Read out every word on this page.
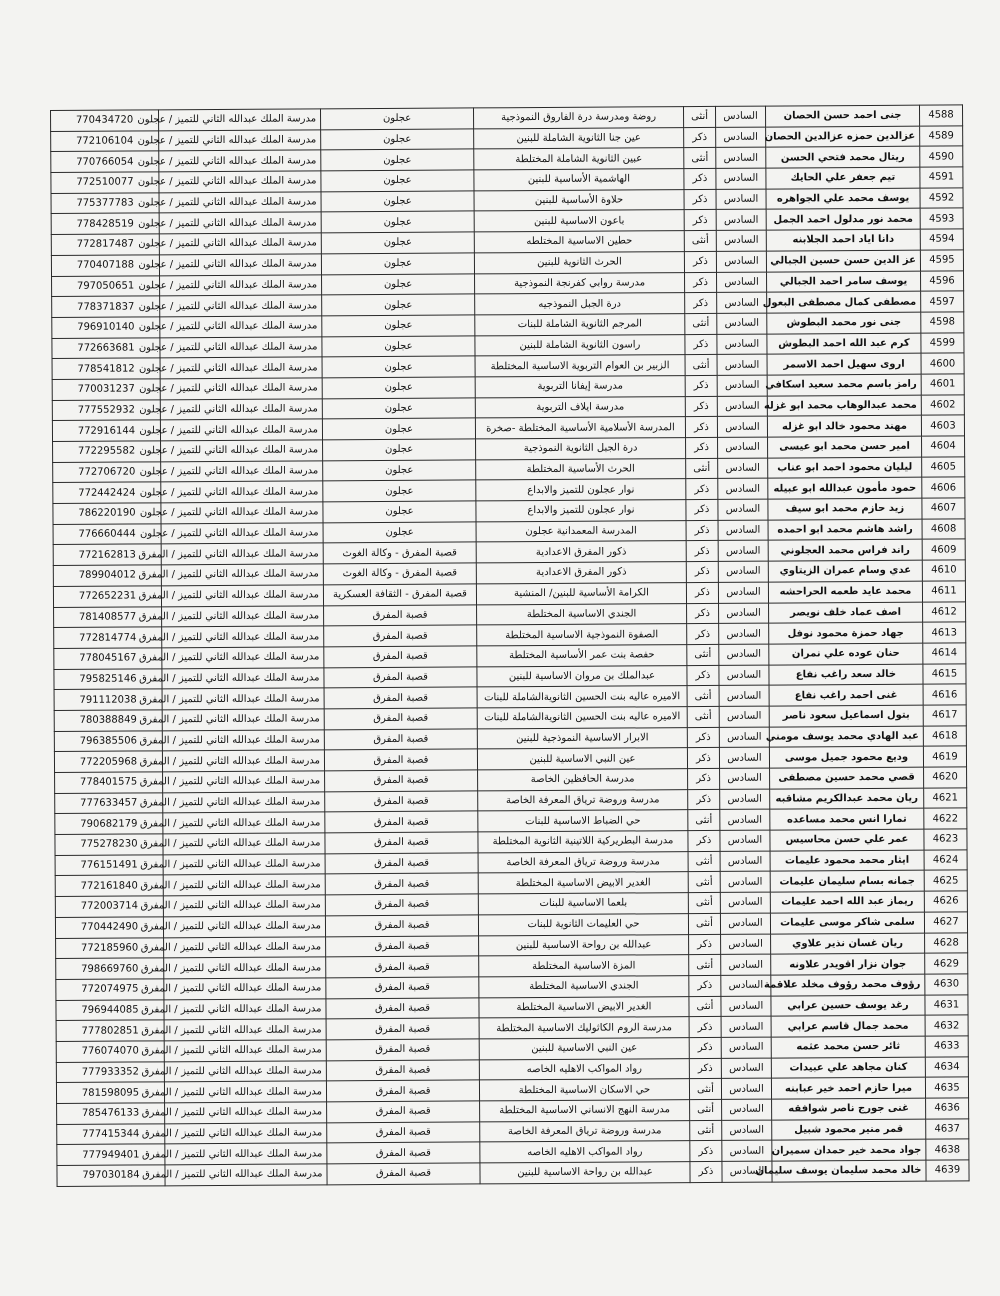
770434720	مدرسة الملك عبدالله الثاني للتميز / عجلون	عجلون	روضة ومدرسة درة الفاروق النموذجية	أنثى	السادس	جنى احمد حسن الحصان	4588
772106104	مدرسة الملك عبدالله الثاني للتميز / عجلون	عجلون	عين جنا الثانوية الشاملة للبنين	ذكر	السادس	عزالدين حمزه عزالدين الحصان	4589
770766054	مدرسة الملك عبدالله الثاني للتميز / عجلون	عجلون	عبين الثانوية الشاملة المختلطة	أنثى	السادس	ريتال محمد فتحي الحسن	4590
772510077	مدرسة الملك عبدالله الثاني للتميز / عجلون	عجلون	الهاشمية الأساسية للبنين	ذكر	السادس	تيم جعفر علي الحايك	4591
775377783	مدرسة الملك عبدالله الثاني للتميز / عجلون	عجلون	حلاوة الأساسية للبنين	ذكر	السادس	يوسف محمد علي الجواهره	4592
778428519	مدرسة الملك عبدالله الثاني للتميز / عجلون	عجلون	باعون الاساسية للبنين	ذكر	السادس	محمد نور مدلول احمد الجمل	4593
772817487	مدرسة الملك عبدالله الثاني للتميز / عجلون	عجلون	حطين الاساسية المختلطه	أنثى	السادس	دانا اياد احمد الجلابنه	4594
770407188	مدرسة الملك عبدالله الثاني للتميز / عجلون	عجلون	الحرث الثانوية للبنين	ذكر	السادس	عز الدين حسن حسين الجبالي	4595
797050651	مدرسة الملك عبدالله الثاني للتميز / عجلون	عجلون	مدرسة روابي كفرنجة النموذجية	ذكر	السادس	يوسف سامر احمد الجبالي	4596
778371837	مدرسة الملك عبدالله الثاني للتميز / عجلون	عجلون	درة الجبل النموذجيه	ذكر	السادس	مصطفى كمال مصطفى البعول	4597
796910140	مدرسة الملك عبدالله الثاني للتميز / عجلون	عجلون	المرجم الثانوية الشاملة للبنات	أنثى	السادس	جنى نور محمد البطوش	4598
772663681	مدرسة الملك عبدالله الثاني للتميز / عجلون	عجلون	راسون الثانوية الشاملة للبنين	ذكر	السادس	كرم عبد الله احمد البطوش	4599
778541812	مدرسة الملك عبدالله الثاني للتميز / عجلون	عجلون	الزبير بن العوام التربوية الاساسية المختلطة	أنثى	السادس	اروى سهيل احمد الاسمر	4600
770031237	مدرسة الملك عبدالله الثاني للتميز / عجلون	عجلون	مدرسة إيفانا التربوية	ذكر	السادس	رامز باسم محمد سعيد اسكافي	4601
777552932	مدرسة الملك عبدالله الثاني للتميز / عجلون	عجلون	مدرسة ايلاف التربوية	ذكر	السادس	محمد عبدالوهاب محمد ابو غزله	4602
772916144	مدرسة الملك عبدالله الثاني للتميز / عجلون	عجلون	المدرسة الأسلامية الأساسية المختلطة -صخرة	ذكر	السادس	مهند محمود خالد ابو غزله	4603
772295582	مدرسة الملك عبدالله الثاني للتميز / عجلون	عجلون	درة الجبل الثانوية النموذجية	ذكر	السادس	امير حسن محمد ابو عيسى	4604
772706720	مدرسة الملك عبدالله الثاني للتميز / عجلون	عجلون	الحرث الأساسية المختلطة	أنثى	السادس	ليليان محمود احمد ابو عناب	4605
772442424	مدرسة الملك عبدالله الثاني للتميز / عجلون	عجلون	نوار عجلون للتميز والابداع	ذكر	السادس	حمود مأمون عبدالله ابو عبيله	4606
786220190	مدرسة الملك عبدالله الثاني للتميز / عجلون	عجلون	نوار عجلون للتميز والابداع	ذكر	السادس	زيد حازم محمد ابو سيف	4607
776660444	مدرسة الملك عبدالله الثاني للتميز / عجلون	عجلون	المدرسة المعمدانية عجلون	ذكر	السادس	راشد هاشم محمد ابو احمده	4608
772162813	مدرسة الملك عبدالله الثاني للتميز / المفرق	قصبة المفرق - وكالة الغوث	ذكور المفرق الاعدادية	ذكر	السادس	راند فراس محمد العجلوني	4609
789904012	مدرسة الملك عبدالله الثاني للتميز / المفرق	قصبة المفرق - وكالة الغوث	ذكور المفرق الاعدادية	ذكر	السادس	عدي وسام عمران الزيتاوي	4610
772652231	مدرسة الملك عبدالله الثاني للتميز / المفرق	قصبة المفرق - الثقافة العسكرية	الكرامة الأساسية للبنين/ المنشية	ذكر	السادس	محمد عايد طعمه الحراحشه	4611
781408577	مدرسة الملك عبدالله الثاني للتميز / المفرق	قصبة المفرق	الجندي الاساسية المختلطة	ذكر	السادس	اصف عماد خلف نويصر	4612
772814774	مدرسة الملك عبدالله الثاني للتميز / المفرق	قصبة المفرق	الصفوة النموذجية الاساسية المختلطة	ذكر	السادس	جهاد حمزة محمود نوفل	4613
778045167	مدرسة الملك عبدالله الثاني للتميز / المفرق	قصبة المفرق	حفصة بنت عمر الأساسية المختلطة	أنثى	السادس	حنان عوده علي نمران	4614
795825146	مدرسة الملك عبدالله الثاني للتميز / المفرق	قصبة المفرق	عبدالملك بن مروان الاساسية للبنين	ذكر	السادس	خالد سعد راغب نفاع	4615
791112038	مدرسة الملك عبدالله الثاني للتميز / المفرق	قصبة المفرق	الاميره عاليه بنت الحسين الثانويةالشاملة للبنات	أنثى	السادس	غنى احمد راغب نفاع	4616
780388849	مدرسة الملك عبدالله الثاني للتميز / المفرق	قصبة المفرق	الاميره عاليه بنت الحسين الثانويةالشاملة للبنات	أنثى	السادس	بتول اسماعيل سعود ناصر	4617
796385506	مدرسة الملك عبدالله الثاني للتميز / المفرق	قصبة المفرق	الابرار الاساسية النموذجية للبنين	ذكر	السادس	عبد الهادي محمد يوسف مومني	4618
772205968	مدرسة الملك عبدالله الثاني للتميز / المفرق	قصبة المفرق	عين النبي الاساسية للبنين	ذكر	السادس	وديع محمود جميل موسى	4619
778401575	مدرسة الملك عبدالله الثاني للتميز / المفرق	قصبة المفرق	مدرسة الحافظين الخاصة	ذكر	السادس	قصي محمد حسين مصطفى	4620
777633457	مدرسة الملك عبدالله الثاني للتميز / المفرق	قصبة المفرق	مدرسة وروضة ترياق المعرفة الخاصة	ذكر	السادس	ريان محمد عبدالكريم مشاقبه	4621
790682179	مدرسة الملك عبدالله الثاني للتميز / المفرق	قصبة المفرق	حي الضباط الاساسية للبنات	أنثى	السادس	تمارا انس محمد مساعده	4622
775278230	مدرسة الملك عبدالله الثاني للتميز / المفرق	قصبة المفرق	مدرسة البطريركية اللاتينية الثانوية المختلطة	ذكر	السادس	عمر علي حسن محاسيس	4623
776151491	مدرسة الملك عبدالله الثاني للتميز / المفرق	قصبة المفرق	مدرسة وروضة ترياق المعرفة الخاصة	أنثى	السادس	ايثار محمد محمود عليمات	4624
772161840	مدرسة الملك عبدالله الثاني للتميز / المفرق	قصبة المفرق	الغدير الابيض الاساسية المختلطة	أنثى	السادس	جمانه بسام سليمان عليمات	4625
772003714	مدرسة الملك عبدالله الثاني للتميز / المفرق	قصبة المفرق	بلعما الاساسية للبنات	أنثى	السادس	ريماز عبد الله احمد عليمات	4626
770442490	مدرسة الملك عبدالله الثاني للتميز / المفرق	قصبة المفرق	حي العليمات الثانوية للبنات	أنثى	السادس	سلمى شاكر موسى عليمات	4627
772185960	مدرسة الملك عبدالله الثاني للتميز / المفرق	قصبة المفرق	عبدالله بن رواحة الاساسية للبنين	ذكر	السادس	ريان غسان نذير علاوي	4628
798669760	مدرسة الملك عبدالله الثاني للتميز / المفرق	قصبة المفرق	المزة الاساسية المختلطة	أنثى	السادس	جوان نزار اقويدر علاونه	4629
772074975	مدرسة الملك عبدالله الثاني للتميز / المفرق	قصبة المفرق	الجندي الاساسية المختلطة	ذكر	السادس	رؤوف محمد رؤوف مخلد علاقمة	4630
796944085	مدرسة الملك عبدالله الثاني للتميز / المفرق	قصبة المفرق	الغدير الابيض الاساسية المختلطة	أنثى	السادس	رغد يوسف حسين عرابي	4631
777802851	مدرسة الملك عبدالله الثاني للتميز / المفرق	قصبة المفرق	مدرسة الروم الكاثوليك الاساسية المختلطة	ذكر	السادس	محمد جمال قاسم عرابي	4632
776074070	مدرسة الملك عبدالله الثاني للتميز / المفرق	قصبة المفرق	عين النبي الاساسية للبنين	ذكر	السادس	ثائر حسن محمد عثمه	4633
777933352	مدرسة الملك عبدالله الثاني للتميز / المفرق	قصبة المفرق	رواد المواكب الاهليه الخاصه	ذكر	السادس	كنان مجاهد علي عبيدات	4634
781598095	مدرسة الملك عبدالله الثاني للتميز / المفرق	قصبة المفرق	حي الاسكان الاساسية المختلطة	أنثى	السادس	ميرا حازم احمد خير عبابنه	4635
785476133	مدرسة الملك عبدالله الثاني للتميز / المفرق	قصبة المفرق	مدرسة النهج الانساني الاساسية المختلطة	أنثى	السادس	غنى جورج ناصر شوافقه	4636
777415344	مدرسة الملك عبدالله الثاني للتميز / المفرق	قصبة المفرق	مدرسة وروضة ترياق المعرفة الخاصة	أنثى	السادس	قمر منير محمود شبيل	4637
777949401	مدرسة الملك عبدالله الثاني للتميز / المفرق	قصبة المفرق	رواد المواكب الاهليه الخاصه	ذكر	السادس	جواد محمد خير حمدان سميران	4638
797030184	مدرسة الملك عبدالله الثاني للتميز / المفرق	قصبة المفرق	عبدالله بن رواحة الاساسية للبنين	ذكر	السادس	خالد محمد سليمان يوسف سليمان	4639
